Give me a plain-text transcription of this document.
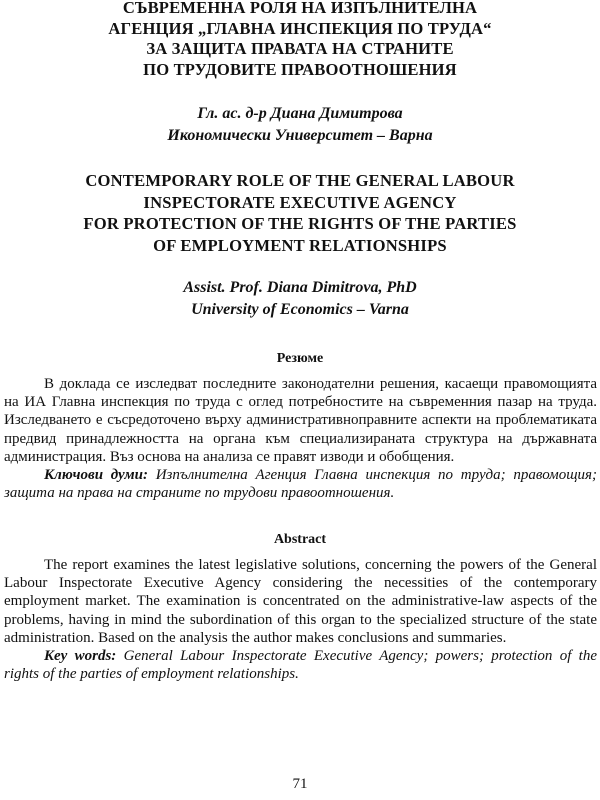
СЪВРЕМЕННА РОЛЯ НА ИЗПЪЛНИТЕЛНА
АГЕНЦИЯ „ГЛАВНА ИНСПЕКЦИЯ ПО ТРУДА“
ЗА ЗАЩИТА ПРАВАТА НА СТРАНИТЕ
ПО ТРУДОВИТЕ ПРАВООТНОШЕНИЯ
Гл. ас. д-р Диана Димитрова
Икономически Университет – Варна
CONTEMPORARY ROLE OF THE GENERAL LABOUR
INSPECTORATE EXECUTIVE AGENCY
FOR PROTECTION OF THE RIGHTS OF THE PARTIES
OF EMPLOYMENT RELATIONSHIPS
Assist. Prof. Diana Dimitrova, PhD
University of Economics – Varna
Резюме
В доклада се изследват последните законодателни решения, касаещи правомощията на ИА Главна инспекция по труда с оглед потребностите на съвременния пазар на труда. Изследването е съсредоточено върху административноправните аспекти на проблематиката предвид принадлежността на органа към специализираната структура на държавната администрация. Въз основа на анализа се правят изводи и обобщения.
Ключови думи: Изпълнителна Агенция Главна инспекция по труда; правомощия; защита на права на страните по трудови правоотношения.
Abstract
The report examines the latest legislative solutions, concerning the powers of the General Labour Inspectorate Executive Agency considering the necessities of the contemporary employment market. The examination is concentrated on the administrative-law aspects of the problems, having in mind the subordination of this organ to the specialized structure of the state administration. Based on the analysis the author makes conclusions and summaries.
Key words: General Labour Inspectorate Executive Agency; powers; protection of the rights of the parties of employment relationships.
71
